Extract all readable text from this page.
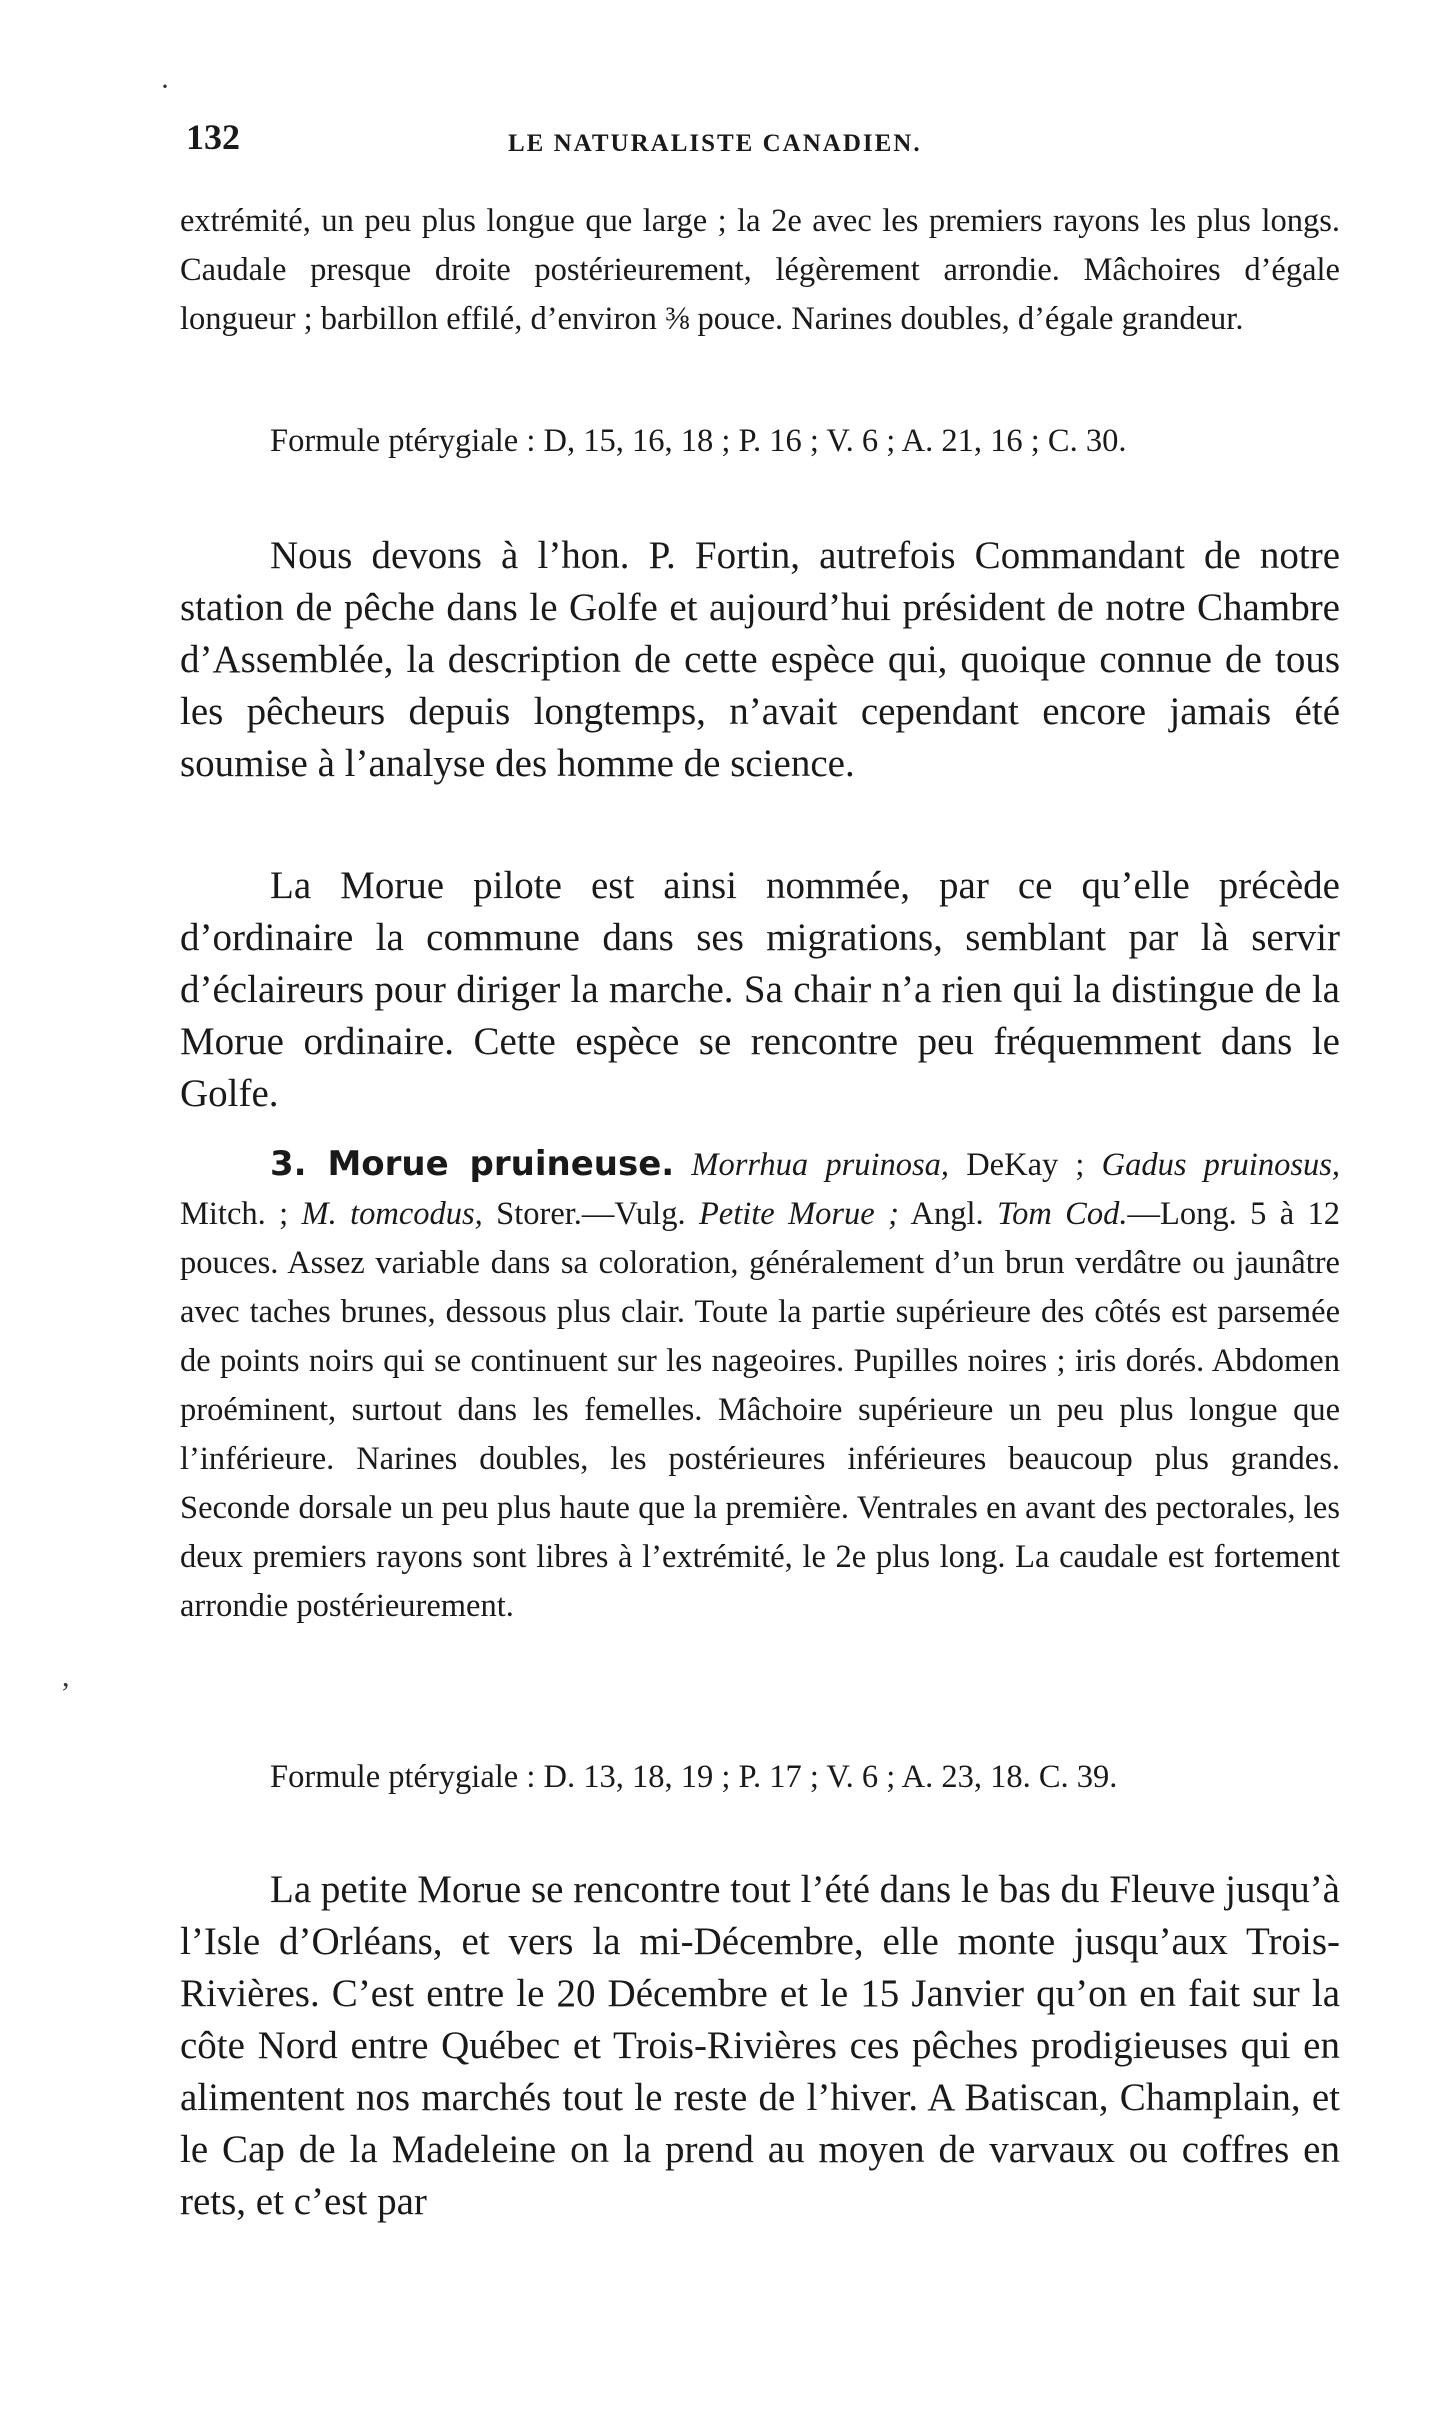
·
132	LE NATURALISTE CANADIEN.

extrémité, un peu plus longue que large ; la 2e avec les premiers rayons les plus longs. Caudale presque droite postérieurement, légèrement arrondie. Mâchoires d’égale longueur ; barbillon effilé, d’environ ⅜ pouce. Narines doubles, d’égale grandeur.

Formule ptérygiale : D, 15, 16, 18 ; P. 16 ; V. 6 ; A. 21, 16 ; C. 30.

Nous devons à l’hon. P. Fortin, autrefois Commandant de notre station de pêche dans le Golfe et aujourd’hui président de notre Chambre d’Assemblée, la description de cette espèce qui, quoique connue de tous les pêcheurs depuis longtemps, n’avait cependant encore jamais été soumise à l’analyse des homme de science.

La Morue pilote est ainsi nommée, par ce qu’elle précède d’ordinaire la commune dans ses migrations, semblant par là servir d’éclaireurs pour diriger la marche. Sa chair n’a rien qui la distingue de la Morue ordinaire. Cette espèce se rencontre peu fréquemment dans le Golfe.

3. Morue pruineuse. Morrhua pruinosa, DeKay ; Gadus pruinosus, Mitch. ; M. tomcodus, Storer.—Vulg. Petite Morue ; Angl. Tom Cod.—Long. 5 à 12 pouces. Assez variable dans sa coloration, généralement d’un brun verdâtre ou jaunâtre avec taches brunes, dessous plus clair. Toute la partie supérieure des côtés est parsemée de points noirs qui se continuent sur les nageoires. Pupilles noires ; iris dorés. Abdomen proéminent, surtout dans les femelles. Mâchoire supérieure un peu plus longue que l’inférieure. Narines doubles, les postérieures inférieures beaucoup plus grandes. Seconde dorsale un peu plus haute que la première. Ventrales en avant des pectorales, les deux premiers rayons sont libres à l’extrémité, le 2e plus long. La caudale est fortement arrondie postérieurement.

,

Formule ptérygiale : D. 13, 18, 19 ; P. 17 ; V. 6 ; A. 23, 18. C. 39.

La petite Morue se rencontre tout l’été dans le bas du Fleuve jusqu’à l’Isle d’Orléans, et vers la mi-Décembre, elle monte jusqu’aux Trois-Rivières. C’est entre le 20 Décembre et le 15 Janvier qu’on en fait sur la côte Nord entre Québec et Trois-Rivières ces pêches prodigieuses qui en alimentent nos marchés tout le reste de l’hiver. A Batiscan, Champlain, et le Cap de la Madeleine on la prend au moyen de varvaux ou coffres en rets, et c’est par
